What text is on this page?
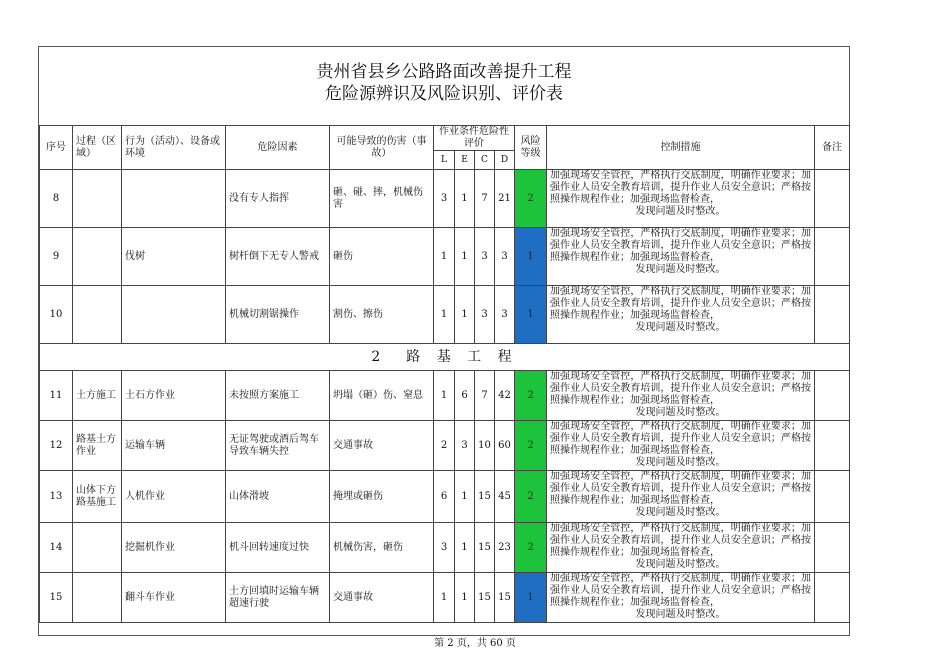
贵州省县乡公路路面改善提升工程
危险源辨识及风险识别、评价表
序号	过程（区域）	行为（活动）、设备或环境	危险因素	可能导致的伤害（事故）	作业条件危险性评价				风险等级	控制措施	备注
					L	E	C	D			
8			没有专人指挥	砸、碰、摔，机械伤害	3	1	7	21	2	加强现场安全管控，严格执行交底制度，明确作业要求；加强作业人员安全教育培训，提升作业人员安全意识；严格按照操作规程作业；加强现场监督检查，
发现问题及时整改。	

9		伐树	树杆倒下无专人警戒	砸伤	1	1	3	3	1	加强现场安全管控，严格执行交底制度，明确作业要求；加强作业人员安全教育培训，提升作业人员安全意识；严格按照操作规程作业；加强现场监督检查，
发现问题及时整改。	

10			机械切割锯操作	割伤、擦伤	1	1	3	3	1	加强现场安全管控，严格执行交底制度，明确作业要求；加强作业人员安全教育培训，提升作业人员安全意识；严格按照操作规程作业；加强现场监督检查，
发现问题及时整改。	

2　路 基 工 程											
11	土方施工	土石方作业	未按照方案施工	坍塌（砸）伤、窒息	1	6	7	42	2	加强现场安全管控，严格执行交底制度，明确作业要求；加强作业人员安全教育培训，提升作业人员安全意识；严格按照操作规程作业；加强现场监督检查，
发现问题及时整改。	

12	路基土方作业	运输车辆	无证驾驶或酒后驾车导致车辆失控	交通事故	2	3	10	60	2	加强现场安全管控，严格执行交底制度，明确作业要求；加强作业人员安全教育培训，提升作业人员安全意识；严格按照操作规程作业；加强现场监督检查，
发现问题及时整改。	

13	山体下方路基施工	人机作业	山体滑坡	掩埋或砸伤	6	1	15	45	2	加强现场安全管控，严格执行交底制度，明确作业要求；加强作业人员安全教育培训，提升作业人员安全意识；严格按照操作规程作业；加强现场监督检查，
发现问题及时整改。	

14		挖掘机作业	机斗回转速度过快	机械伤害，砸伤	3	1	15	23	2	加强现场安全管控，严格执行交底制度，明确作业要求；加强作业人员安全教育培训，提升作业人员安全意识；严格按照操作规程作业；加强现场监督检查，
发现问题及时整改。	

15		翻斗车作业	土方回填时运输车辆超速行驶	交通事故	1	1	15	15	1	加强现场安全管控，严格执行交底制度，明确作业要求；加强作业人员安全教育培训，提升作业人员安全意识；严格按照操作规程作业；加强现场监督检查，
发现问题及时整改。	

第 2 页，共 60 页
